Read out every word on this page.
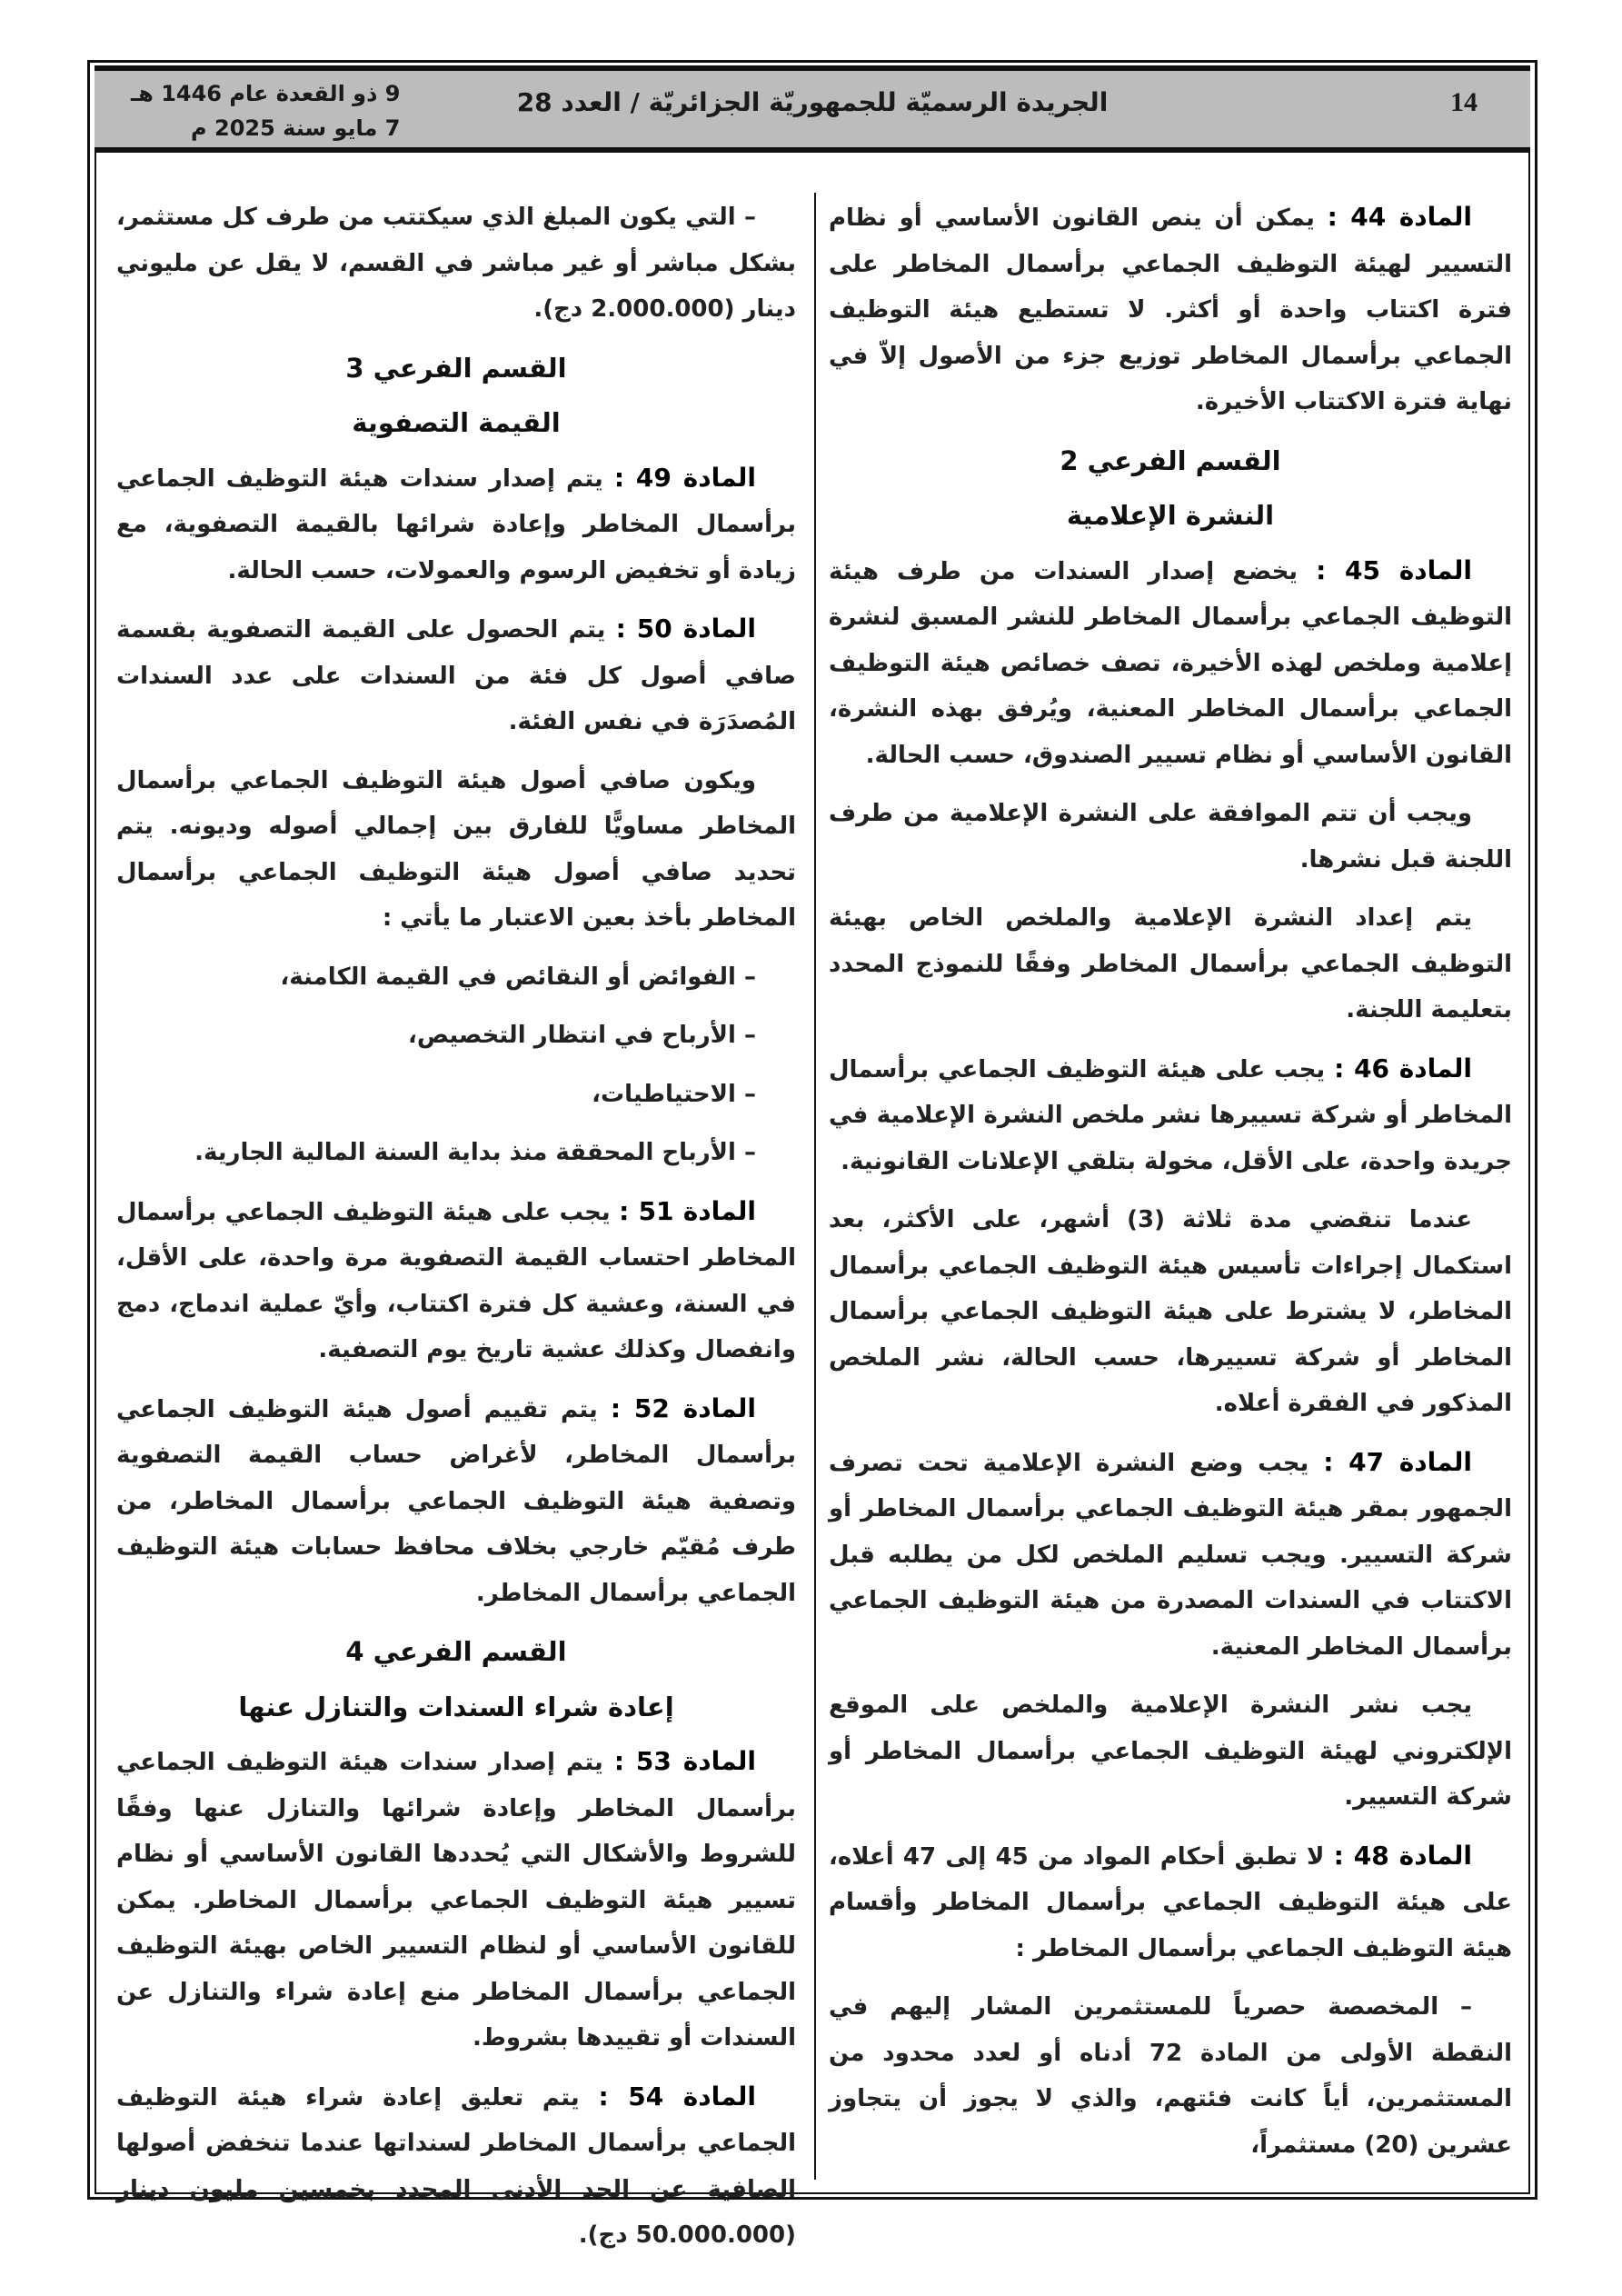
14
الجريدة الرسميّة للجمهوريّة الجزائريّة / العدد 28
9 ذو القعدة عام 1446 هـ
7 مايو سنة 2025 م
المادة 44 : يمكن أن ينص القانون الأساسي أو نظام التسيير لهيئة التوظيف الجماعي برأسمال المخاطر على فترة اكتتاب واحدة أو أكثر. لا تستطيع هيئة التوظيف الجماعي برأسمال المخاطر توزيع جزء من الأصول إلاّ في نهاية فترة الاكتتاب الأخيرة.
القسم الفرعي 2
النشرة الإعلامية
المادة 45 : يخضع إصدار السندات من طرف هيئة التوظيف الجماعي برأسمال المخاطر للنشر المسبق لنشرة إعلامية وملخص لهذه الأخيرة، تصف خصائص هيئة التوظيف الجماعي برأسمال المخاطر المعنية، ويُرفق بهذه النشرة، القانون الأساسي أو نظام تسيير الصندوق، حسب الحالة.
ويجب أن تتم الموافقة على النشرة الإعلامية من طرف اللجنة قبل نشرها.
يتم إعداد النشرة الإعلامية والملخص الخاص بهيئة التوظيف الجماعي برأسمال المخاطر وفقًا للنموذج المحدد بتعليمة اللجنة.
المادة 46 : يجب على هيئة التوظيف الجماعي برأسمال المخاطر أو شركة تسييرها نشر ملخص النشرة الإعلامية في جريدة واحدة، على الأقل، مخولة بتلقي الإعلانات القانونية.
عندما تنقضي مدة ثلاثة (3) أشهر، على الأكثر، بعد استكمال إجراءات تأسيس هيئة التوظيف الجماعي برأسمال المخاطر، لا يشترط على هيئة التوظيف الجماعي برأسمال المخاطر أو شركة تسييرها، حسب الحالة، نشر الملخص المذكور في الفقرة أعلاه.
المادة 47 : يجب وضع النشرة الإعلامية تحت تصرف الجمهور بمقر هيئة التوظيف الجماعي برأسمال المخاطر أو شركة التسيير. ويجب تسليم الملخص لكل من يطلبه قبل الاكتتاب في السندات المصدرة من هيئة التوظيف الجماعي برأسمال المخاطر المعنية.
يجب نشر النشرة الإعلامية والملخص على الموقع الإلكتروني لهيئة التوظيف الجماعي برأسمال المخاطر أو شركة التسيير.
المادة 48 : لا تطبق أحكام المواد من 45 إلى 47 أعلاه، على هيئة التوظيف الجماعي برأسمال المخاطر وأقسام هيئة التوظيف الجماعي برأسمال المخاطر :
– المخصصة حصرياً للمستثمرين المشار إليهم في النقطة الأولى من المادة 72 أدناه أو لعدد محدود من المستثمرين، أياً كانت فئتهم، والذي لا يجوز أن يتجاوز عشرين (20) مستثمراً،
– التي يكون المبلغ الذي سيكتتب من طرف كل مستثمر، بشكل مباشر أو غير مباشر في القسم، لا يقل عن مليوني دينار (2.000.000 دج).
القسم الفرعي 3
القيمة التصفوية
المادة 49 : يتم إصدار سندات هيئة التوظيف الجماعي برأسمال المخاطر وإعادة شرائها بالقيمة التصفوية، مع زيادة أو تخفيض الرسوم والعمولات، حسب الحالة.
المادة 50 : يتم الحصول على القيمة التصفوية بقسمة صافي أصول كل فئة من السندات على عدد السندات المُصدَرَة في نفس الفئة.
ويكون صافي أصول هيئة التوظيف الجماعي برأسمال المخاطر مساويًّا للفارق بين إجمالي أصوله وديونه. يتم تحديد صافي أصول هيئة التوظيف الجماعي برأسمال المخاطر بأخذ بعين الاعتبار ما يأتي :
– الفوائض أو النقائص في القيمة الكامنة،
– الأرباح في انتظار التخصيص،
– الاحتياطيات،
– الأرباح المحققة منذ بداية السنة المالية الجارية.
المادة 51 : يجب على هيئة التوظيف الجماعي برأسمال المخاطر احتساب القيمة التصفوية مرة واحدة، على الأقل، في السنة، وعشية كل فترة اكتتاب، وأيّ عملية اندماج، دمج وانفصال وكذلك عشية تاريخ يوم التصفية.
المادة 52 : يتم تقييم أصول هيئة التوظيف الجماعي برأسمال المخاطر، لأغراض حساب القيمة التصفوية وتصفية هيئة التوظيف الجماعي برأسمال المخاطر، من طرف مُقيّم خارجي بخلاف محافظ حسابات هيئة التوظيف الجماعي برأسمال المخاطر.
القسم الفرعي 4
إعادة شراء السندات والتنازل عنها
المادة 53 : يتم إصدار سندات هيئة التوظيف الجماعي برأسمال المخاطر وإعادة شرائها والتنازل عنها وفقًا للشروط والأشكال التي يُحددها القانون الأساسي أو نظام تسيير هيئة التوظيف الجماعي برأسمال المخاطر. يمكن للقانون الأساسي أو لنظام التسيير الخاص بهيئة التوظيف الجماعي برأسمال المخاطر منع إعادة شراء والتنازل عن السندات أو تقييدها بشروط.
المادة 54 : يتم تعليق إعادة شراء هيئة التوظيف الجماعي برأسمال المخاطر لسنداتها عندما تنخفض أصولها الصافية عن الحد الأدنى المحدد بخمسين مليون دينار (50.000.000 دج).
